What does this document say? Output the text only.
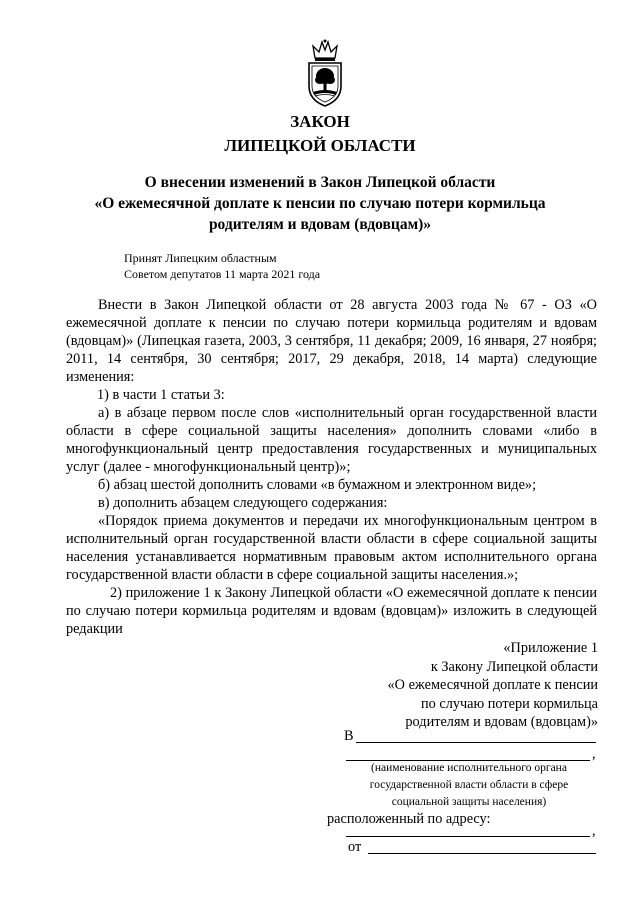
ЗАКОН
ЛИПЕЦКОЙ ОБЛАСТИ
О внесении изменений в Закон Липецкой области
«О ежемесячной доплате к пенсии по случаю потери кормильца
родителям и вдовам (вдовцам)»
Принят Липецким областным
Советом депутатов 11 марта 2021 года

Внести в Закон Липецкой области от 28 августа 2003 года № 67 - ОЗ «О ежемесячной доплате к пенсии по случаю потери кормильца родителям и вдовам (вдовцам)» (Липецкая газета, 2003, 3 сентября, 11 декабря; 2009, 16 января, 27 ноября; 2011, 14 сентября, 30 сентября; 2017, 29 декабря, 2018, 14 марта) следующие изменения:

1) в части 1 статьи 3:

а) в абзаце первом после слов «исполнительный орган государственной власти области в сфере социальной защиты населения» дополнить словами «либо в многофункциональный центр предоставления государственных и муниципальных услуг (далее - многофункциональный центр)»;

б) абзац шестой дополнить словами «в бумажном и электронном виде»;

в) дополнить абзацем следующего содержания:

«Порядок приема документов и передачи их многофункциональным центром в исполнительный орган государственной власти области в сфере социальной защиты населения устанавливается нормативным правовым актом исполнительного органа государственной власти области в сфере социальной защиты населения.»;

2) приложение 1 к Закону Липецкой области «О ежемесячной доплате к пенсии по случаю потери кормильца родителям и вдовам (вдовцам)» изложить в следующей редакции

«Приложение 1
к Закону Липецкой области
«О ежемесячной доплате к пенсии
по случаю потери кормильца
родителям и вдовам (вдовцам)»
В
,
(наименование исполнительного органа
государственной власти области в сфере
социальной защиты населения)
расположенный по адресу:
,
от
